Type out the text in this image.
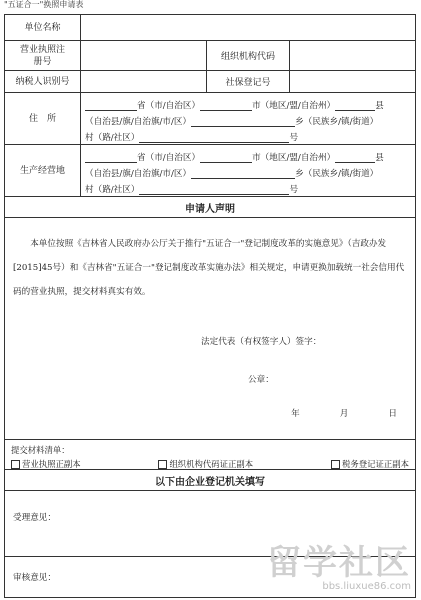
"五证合一"换照申请表
单位名称
营业执照注册号	组织机构代码
纳税人识别号	社保登记号
住　所
省（市/自治区）	市（地区/盟/自治州）	县
（自治县/旗/自治旗/市/区）	乡（民族乡/镇/街道）
村（路/社区）	号
生产经营地
省（市/自治区）	市（地区/盟/自治州）	县
（自治县/旗/自治旗/市/区）	乡（民族乡/镇/街道）
村（路/社区）	号
申请人声明

本单位按照《吉林省人民政府办公厅关于推行"五证合一"登记制度改革的实施意见》（吉政办发[2015]45号）和《吉林省"五证合一"登记制度改革实施办法》相关规定，申请更换加载统一社会信用代码的营业执照，提交材料真实有效。

法定代表（有权签字人）签字：
公章：
年	月	日
提交材料清单：
营业执照正副本	组织机构代码证正副本	税务登记证正副本
以下由企业登记机关填写
受理意见：
审核意见：	留学社区
bbs.liuxue86.com
